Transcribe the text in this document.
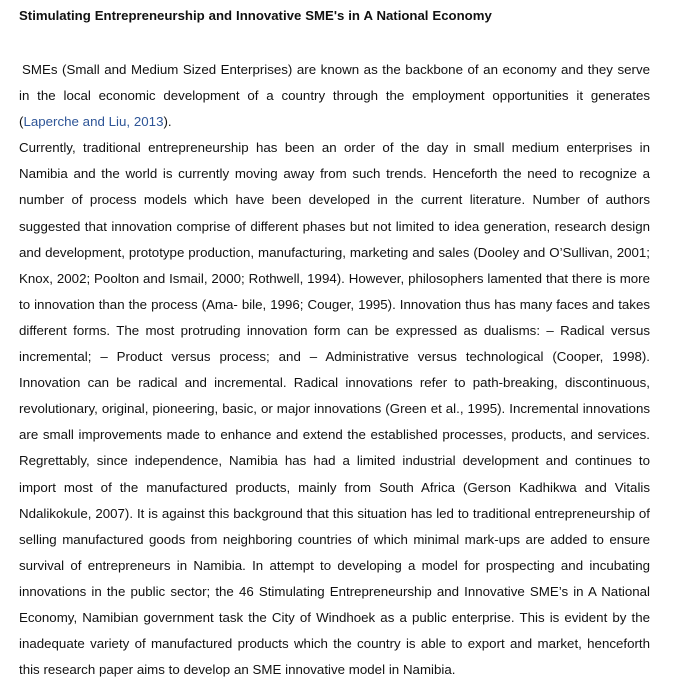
Stimulating Entrepreneurship and Innovative SME's in A National Economy

SMEs (Small and Medium Sized Enterprises) are known as the backbone of an economy and they serve in the local economic development of a country through the employment opportunities it generates (Laperche and Liu, 2013).

Currently, traditional entrepreneurship has been an order of the day in small medium enterprises in Namibia and the world is currently moving away from such trends. Henceforth the need to recognize a number of process models which have been developed in the current literature. Number of authors suggested that innovation comprise of different phases but not limited to idea generation, research design and development, prototype production, manufacturing, marketing and sales (Dooley and O’Sullivan, 2001; Knox, 2002; Poolton and Ismail, 2000; Rothwell, 1994). However, philosophers lamented that there is more to innovation than the process (Ama- bile, 1996; Couger, 1995). Innovation thus has many faces and takes different forms. The most protruding innovation form can be expressed as dualisms: – Radical versus incremental; – Product versus process; and – Administrative versus technological (Cooper, 1998). Innovation can be radical and incremental. Radical innovations refer to path-breaking, discontinuous, revolutionary, original, pioneering, basic, or major innovations (Green et al., 1995). Incremental innovations are small improvements made to enhance and extend the established processes, products, and services. Regrettably, since independence, Namibia has had a limited industrial development and continues to import most of the manufactured products, mainly from South Africa (Gerson Kadhikwa and Vitalis Ndalikokule, 2007). It is against this background that this situation has led to traditional entrepreneurship of selling manufactured goods from neighboring countries of which minimal mark-ups are added to ensure survival of entrepreneurs in Namibia. In attempt to developing a model for prospecting and incubating innovations in the public sector; the 46 Stimulating Entrepreneurship and Innovative SME’s in A National Economy, Namibian government task the City of Windhoek as a public enterprise. This is evident by the inadequate variety of manufactured products which the country is able to export and market, henceforth this research paper aims to develop an SME innovative model in Namibia.
